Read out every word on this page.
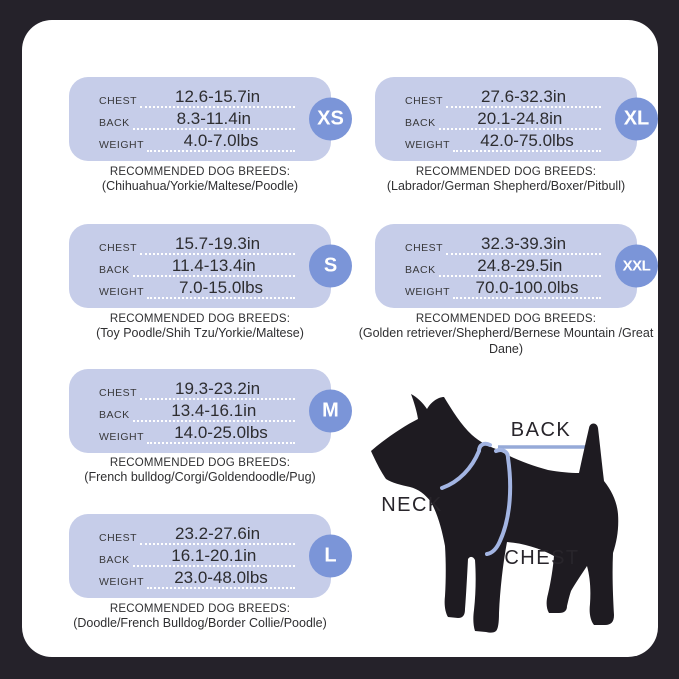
CHEST	12.6-15.7in
BACK	8.3-11.4in
WEIGHT	4.0-7.0lbs
XS
RECOMMENDED DOG BREEDS:
(Chihuahua/Yorkie/Maltese/Poodle)
CHEST	27.6-32.3in
BACK	20.1-24.8in
WEIGHT	42.0-75.0lbs
XL
RECOMMENDED DOG BREEDS:
(Labrador/German Shepherd/Boxer/Pitbull)
CHEST	15.7-19.3in
BACK	11.4-13.4in
WEIGHT	7.0-15.0lbs
S
RECOMMENDED DOG BREEDS:
(Toy Poodle/Shih Tzu/Yorkie/Maltese)
CHEST	32.3-39.3in
BACK	24.8-29.5in
WEIGHT	70.0-100.0lbs
XXL
RECOMMENDED DOG BREEDS:
(Golden retriever/Shepherd/Bernese Mountain /Great Dane)
CHEST	19.3-23.2in
BACK	13.4-16.1in
WEIGHT	14.0-25.0lbs
M
RECOMMENDED DOG BREEDS:
(French bulldog/Corgi/Goldendoodle/Pug)
CHEST	23.2-27.6in
BACK	16.1-20.1in
WEIGHT	23.0-48.0lbs
L
RECOMMENDED DOG BREEDS:
(Doodle/French Bulldog/Border Collie/Poodle)
BACK
NECK
CHEST
